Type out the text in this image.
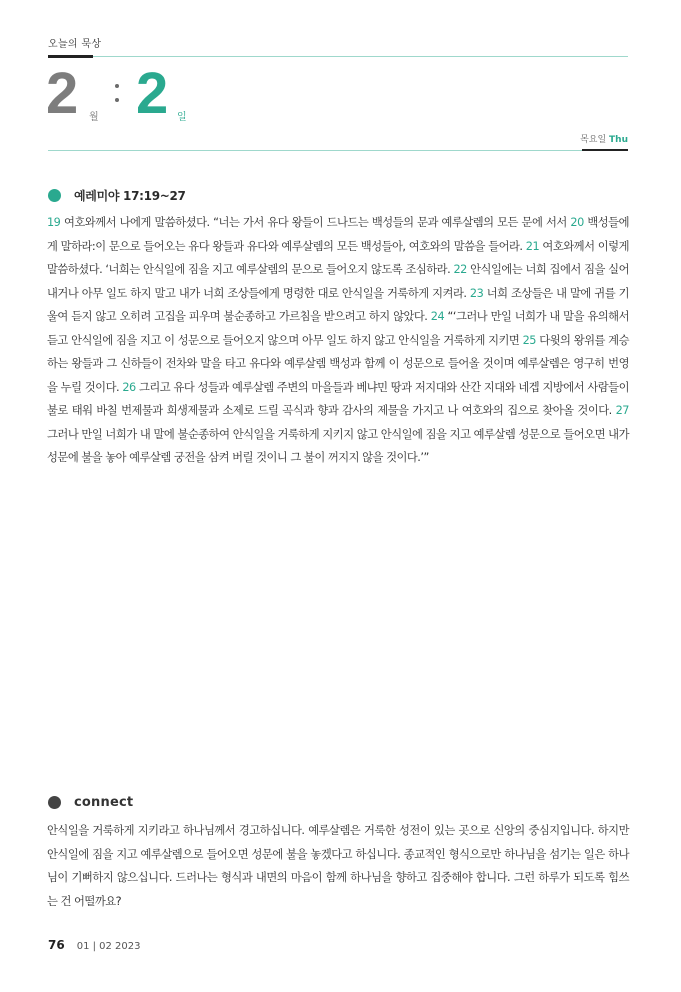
오늘의 묵상
2 월 2 일
목요일 Thu
예레미야 17:19~27

19 여호와께서 나에게 말씀하셨다. “너는 가서 유다 왕들이 드나드는 백성들의 문과 예루살렘의 모든 문에 서서 20 백성들에게 말하라:이 문으로 들어오는 유다 왕들과 유다와 예루살렘의 모든 백성들아, 여호와의 말씀을 들어라. 21 여호와께서 이렇게 말씀하셨다. ‘너희는 안식일에 짐을 지고 예루살렘의 문으로 들어오지 않도록 조심하라. 22 안식일에는 너희 집에서 짐을 실어내거나 아무 일도 하지 말고 내가 너희 조상들에게 명령한 대로 안식일을 거룩하게 지켜라. 23 너희 조상들은 내 말에 귀를 기울여 듣지 않고 오히려 고집을 피우며 불순종하고 가르침을 받으려고 하지 않았다. 24 “‘그러나 만일 너희가 내 말을 유의해서 듣고 안식일에 짐을 지고 이 성문으로 들어오지 않으며 아무 일도 하지 않고 안식일을 거룩하게 지키면 25 다윗의 왕위를 계승하는 왕들과 그 신하들이 전차와 말을 타고 유다와 예루살렘 백성과 함께 이 성문으로 들어올 것이며 예루살렘은 영구히 번영을 누릴 것이다. 26 그리고 유다 성들과 예루살렘 주변의 마을들과 베냐민 땅과 저지대와 산간 지대와 네겝 지방에서 사람들이 불로 태워 바칠 번제물과 희생제물과 소제로 드릴 곡식과 향과 감사의 제물을 가지고 나 여호와의 집으로 찾아올 것이다. 27 그러나 만일 너희가 내 말에 불순종하여 안식일을 거룩하게 지키지 않고 안식일에 짐을 지고 예루살렘 성문으로 들어오면 내가 성문에 불을 놓아 예루살렘 궁전을 삼켜 버릴 것이니 그 불이 꺼지지 않을 것이다.’”

connect

안식일을 거룩하게 지키라고 하나님께서 경고하십니다. 예루살렘은 거룩한 성전이 있는 곳으로 신앙의 중심지입니다. 하지만 안식일에 짐을 지고 예루살렘으로 들어오면 성문에 불을 놓겠다고 하십니다. 종교적인 형식으로만 하나님을 섬기는 일은 하나님이 기뻐하지 않으십니다. 드러나는 형식과 내면의 마음이 함께 하나님을 향하고 집중해야 합니다. 그런 하루가 되도록 힘쓰는 건 어떨까요?

76 01 | 02 2023
